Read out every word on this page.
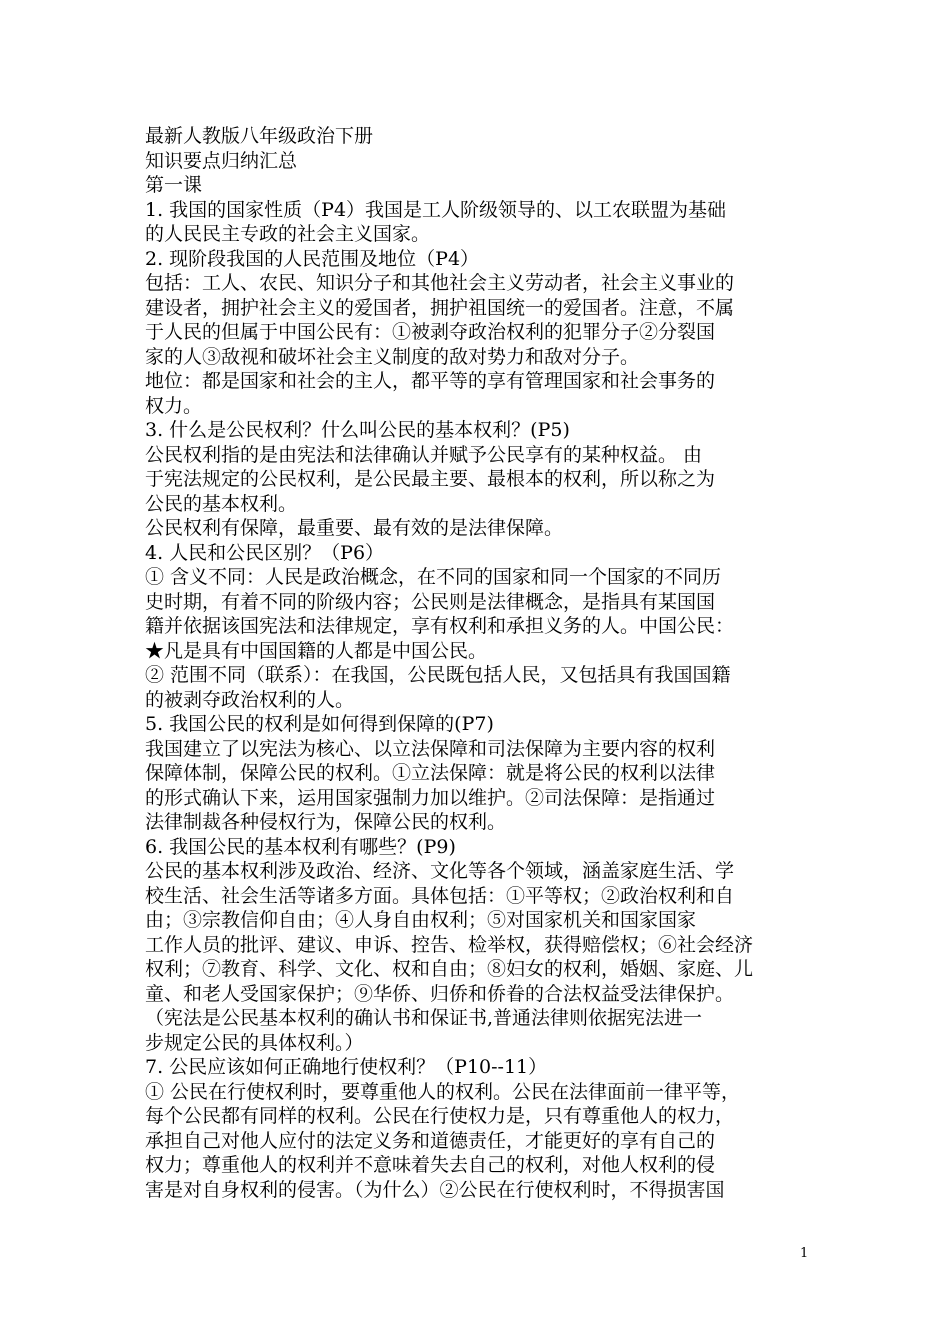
最新人教版八年级政治下册
知识要点归纳汇总
第一课
1. 我国的国家性质（P4）我国是工人阶级领导的、以工农联盟为基础
的人民民主专政的社会主义国家。
2. 现阶段我国的人民范围及地位（P4）
包括：工人、农民、知识分子和其他社会主义劳动者，社会主义事业的
建设者，拥护社会主义的爱国者，拥护祖国统一的爱国者。注意，不属
于人民的但属于中国公民有：①被剥夺政治权利的犯罪分子②分裂国
家的人③敌视和破坏社会主义制度的敌对势力和敌对分子。
地位：都是国家和社会的主人，都平等的享有管理国家和社会事务的
权力。
3. 什么是公民权利？什么叫公民的基本权利？(P5)
公民权利指的是由宪法和法律确认并赋予公民享有的某种权益。 由
于宪法规定的公民权利，是公民最主要、最根本的权利，所以称之为
公民的基本权利。
公民权利有保障，最重要、最有效的是法律保障。
4. 人民和公民区别？（P6）
① 含义不同：人民是政治概念，在不同的国家和同一个国家的不同历
史时期，有着不同的阶级内容；公民则是法律概念，是指具有某国国
籍并依据该国宪法和法律规定，享有权利和承担义务的人。中国公民：
★凡是具有中国国籍的人都是中国公民。
② 范围不同（联系）：在我国，公民既包括人民，又包括具有我国国籍
的被剥夺政治权利的人。
5. 我国公民的权利是如何得到保障的(P7)
我国建立了以宪法为核心、以立法保障和司法保障为主要内容的权利
保障体制，保障公民的权利。①立法保障：就是将公民的权利以法律
的形式确认下来，运用国家强制力加以维护。②司法保障：是指通过
法律制裁各种侵权行为，保障公民的权利。
6. 我国公民的基本权利有哪些？(P9)
公民的基本权利涉及政治、经济、文化等各个领域，涵盖家庭生活、学
校生活、社会生活等诸多方面。具体包括：①平等权；②政治权利和自
由；③宗教信仰自由；④人身自由权利；⑤对国家机关和国家国家
工作人员的批评、建议、申诉、控告、检举权，获得赔偿权；⑥社会经济
权利；⑦教育、科学、文化、权和自由；⑧妇女的权利，婚姻、家庭、儿
童、和老人受国家保护；⑨华侨、归侨和侨眷的合法权益受法律保护。
（宪法是公民基本权利的确认书和保证书,普通法律则依据宪法进一
步规定公民的具体权利。）
7. 公民应该如何正确地行使权利？（P10--11）
① 公民在行使权利时，要尊重他人的权利。公民在法律面前一律平等，
每个公民都有同样的权利。公民在行使权力是，只有尊重他人的权力，
承担自己对他人应付的法定义务和道德责任，才能更好的享有自己的
权力；尊重他人的权利并不意味着失去自己的权利，对他人权利的侵
害是对自身权利的侵害。（为什么）②公民在行使权利时，不得损害国
1
